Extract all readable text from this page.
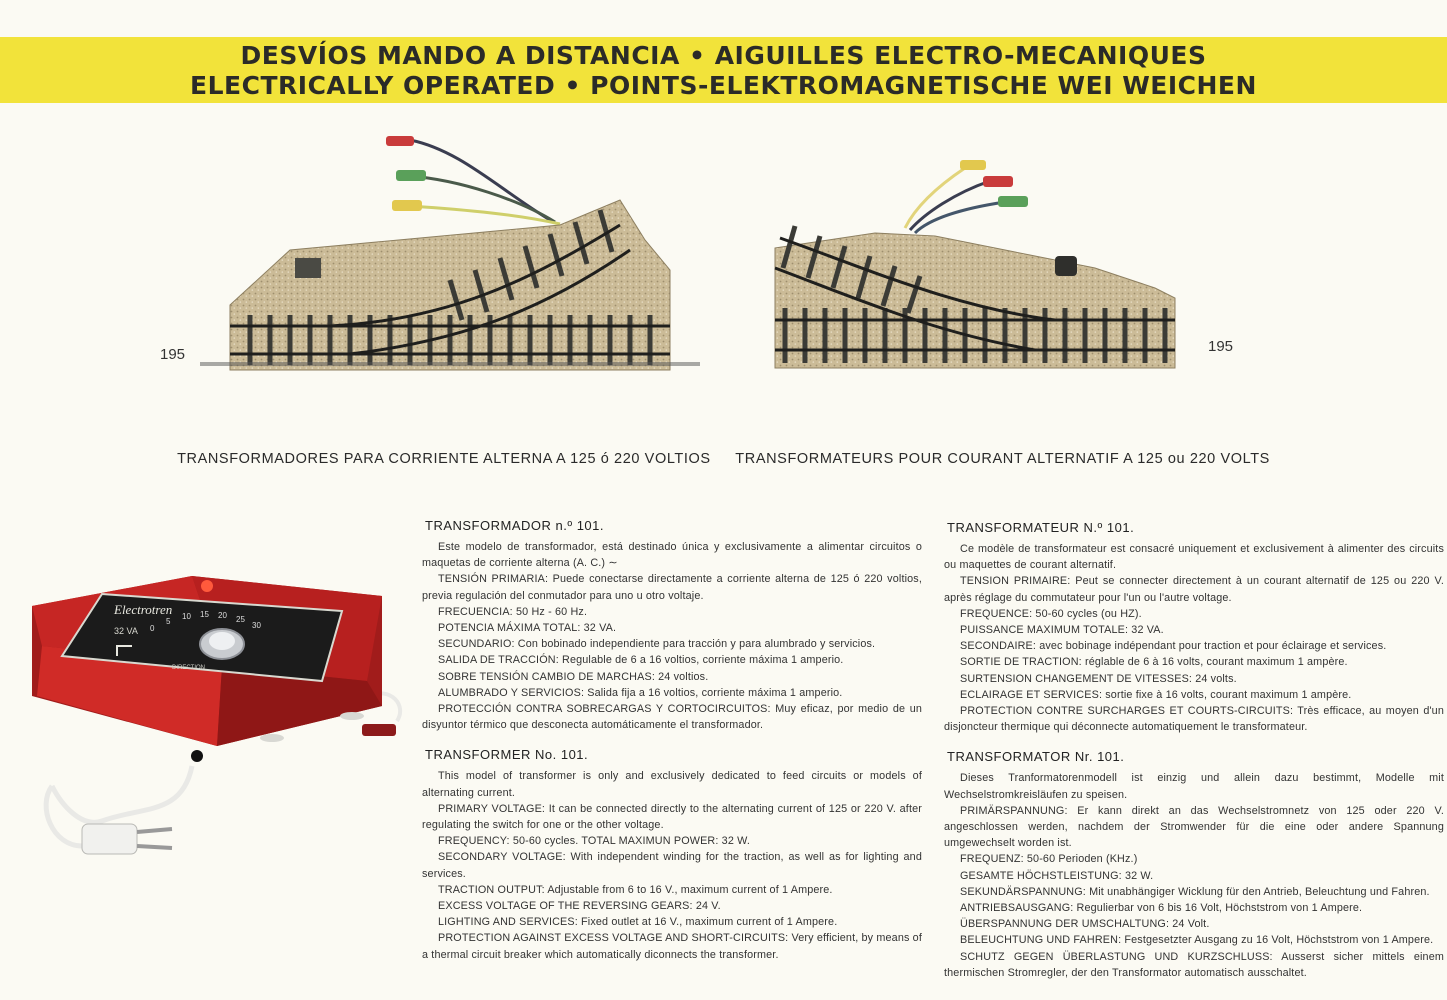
DESVÍOS MANDO A DISTANCIA • AIGUILLES ELECTRO-MECANIQUES
ELECTRICALLY OPERATED • POINTS-ELEKTROMAGNETISCHE WEI WEICHEN
195	195
TRANSFORMADORES PARA CORRIENTE ALTERNA A 125 ó 220 VOLTIOS TRANSFORMATEURS POUR COURANT ALTERNATIF A 125 ou 220 VOLTS
Electrotren
32 VA 0
5
10 15 20 25
30
DIRECTION
TRANSFORMADOR n.º 101.

Este modelo de transformador, está destinado única y exclusivamente a alimentar circuitos o maquetas de corriente alterna (A. C.) ∼

TENSIÓN PRIMARIA: Puede conectarse directamente a corriente alterna de 125 ó 220 voltios, previa regulación del conmutador para uno u otro voltaje.

FRECUENCIA: 50 Hz - 60 Hz.

POTENCIA MÁXIMA TOTAL: 32 VA.

SECUNDARIO: Con bobinado independiente para tracción y para alumbrado y servicios.

SALIDA DE TRACCIÓN: Regulable de 6 a 16 voltios, corriente máxima 1 amperio.

SOBRE TENSIÓN CAMBIO DE MARCHAS: 24 voltios.

ALUMBRADO Y SERVICIOS: Salida fija a 16 voltios, corriente máxima 1 amperio.

PROTECCIÓN CONTRA SOBRECARGAS Y CORTOCIRCUITOS: Muy eficaz, por medio de un disyuntor térmico que desconecta automáticamente el transformador.

TRANSFORMER No. 101.

This model of transformer is only and exclusively dedicated to feed circuits or models of alternating current.

PRIMARY VOLTAGE: It can be connected directly to the alternating current of 125 or 220 V. after regulating the switch for one or the other voltage.

FREQUENCY: 50-60 cycles. TOTAL MAXIMUN POWER: 32 W.

SECONDARY VOLTAGE: With independent winding for the traction, as well as for lighting and services.

TRACTION OUTPUT: Adjustable from 6 to 16 V., maximum current of 1 Ampere.

EXCESS VOLTAGE OF THE REVERSING GEARS: 24 V.

LIGHTING AND SERVICES: Fixed outlet at 16 V., maximum current of 1 Ampere.

PROTECTION AGAINST EXCESS VOLTAGE AND SHORT-CIRCUITS: Very efficient, by means of a thermal circuit breaker which automatically diconnects the transformer.

TRANSFORMATEUR N.º 101.

Ce modèle de transformateur est consacré uniquement et exclusivement à alimenter des circuits ou maquettes de courant alternatif.

TENSION PRIMAIRE: Peut se connecter directement à un courant alternatif de 125 ou 220 V. après réglage du commutateur pour l'un ou l'autre voltage.

FREQUENCE: 50-60 cycles (ou HZ).

PUISSANCE MAXIMUM TOTALE: 32 VA.

SECONDAIRE: avec bobinage indépendant pour traction et pour éclairage et services.

SORTIE DE TRACTION: réglable de 6 à 16 volts, courant maximum 1 ampère.

SURTENSION CHANGEMENT DE VITESSES: 24 volts.

ECLAIRAGE ET SERVICES: sortie fixe à 16 volts, courant maximum 1 ampère.

PROTECTION CONTRE SURCHARGES ET COURTS-CIRCUITS: Très efficace, au moyen d'un disjoncteur thermique qui déconnecte automatiquement le transformateur.

TRANSFORMATOR Nr. 101.

Dieses Tranformatorenmodell ist einzig und allein dazu bestimmt, Modelle mit Wechselstromkreisläufen zu speisen.

PRIMÄRSPANNUNG: Er kann direkt an das Wechselstromnetz von 125 oder 220 V. angeschlossen werden, nachdem der Stromwender für die eine oder andere Spannung umgewechselt worden ist.

FREQUENZ: 50-60 Perioden (KHz.)

GESAMTE HÖCHSTLEISTUNG: 32 W.

SEKUNDÄRSPANNUNG: Mit unabhängiger Wicklung für den Antrieb, Beleuchtung und Fahren.

ANTRIEBSAUSGANG: Regulierbar von 6 bis 16 Volt, Höchststrom von 1 Ampere.

ÜBERSPANNUNG DER UMSCHALTUNG: 24 Volt.

BELEUCHTUNG UND FAHREN: Festgesetzter Ausgang zu 16 Volt, Höchststrom von 1 Ampere.

SCHUTZ GEGEN ÜBERLASTUNG UND KURZSCHLUSS: Ausserst sicher mittels einem thermischen Stromregler, der den Transformator automatisch ausschaltet.
